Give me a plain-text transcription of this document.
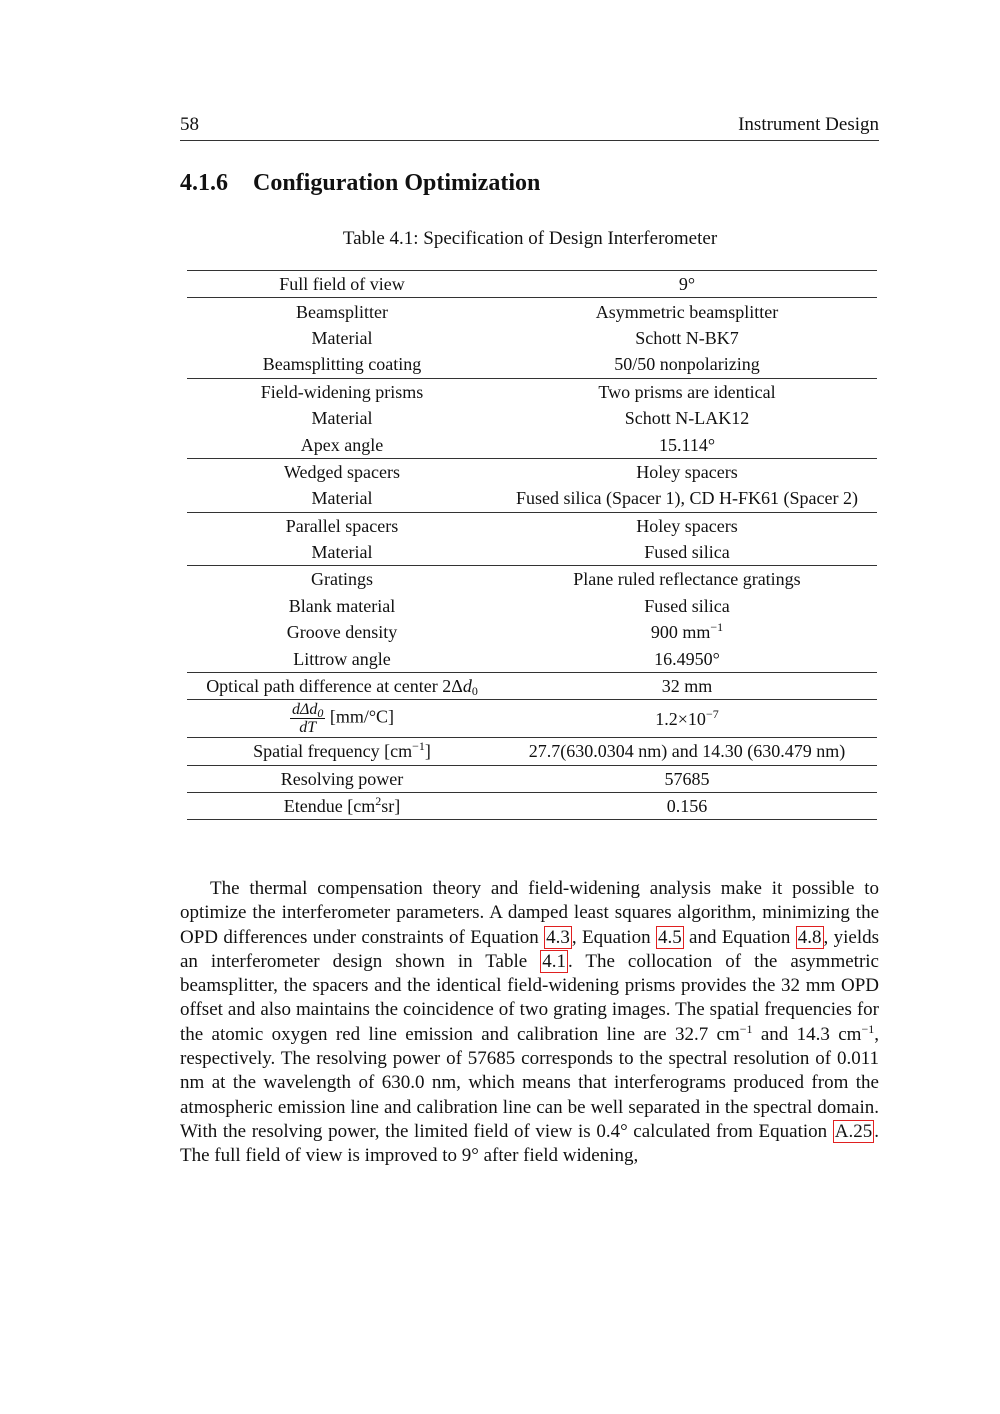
58	Instrument Design
4.1.6 Configuration Optimization
Table 4.1: Specification of Design Interferometer
Full field of view	9°
Beamsplitter	Asymmetric beamsplitter
Material	Schott N-BK7
Beamsplitting coating	50/50 nonpolarizing
Field-widening prisms	Two prisms are identical
Material	Schott N-LAK12
Apex angle	15.114°
Wedged spacers	Holey spacers
Material	Fused silica (Spacer 1), CD H-FK61 (Spacer 2)
Parallel spacers	Holey spacers
Material	Fused silica
Gratings	Plane ruled reflectance gratings
Blank material	Fused silica
Groove density	900 $mm^{-1}$
Littrow angle	16.4950°
Optical path difference at center $2\Delta d_0$	32 mm

$\frac{d\Delta d_0}{dT} [mm/^\circ C]$	$1.2\times 10^{-7}$
Spatial frequency $[cm^{-1}]$	27.7(630.0304 nm) and 14.30 (630.479 nm)
Resolving power	57685
Etendue $[cm^2sr]$	0.156

The thermal compensation theory and field-widening analysis make it possible to optimize the interferometer parameters. A damped least squares algorithm, minimizing the OPD differences under constraints of Equation 4.3 , Equation 4.5 and Equation 4.8 , yields an interferometer design shown in Table 4.1 . The collocation of the asymmetric beamsplitter, the spacers and the identical field-widening prisms provides the 32 mm OPD offset and also maintains the coincidence of two grating images. The spatial frequencies for the atomic oxygen red line emission and calibration line are 32.7 $cm^{-1}$ and 14.3 $cm^{-1}$, respectively. The resolving power of 57685 corresponds to the spectral resolution of 0.011 nm at the wavelength of 630.0 nm, which means that interferograms produced from the atmospheric emission line and calibration line can be well separated in the spectral domain. With the resolving power, the limited field of view is 0.4° calculated from Equation A.25 . The full field of view is improved to 9° after field widening,
